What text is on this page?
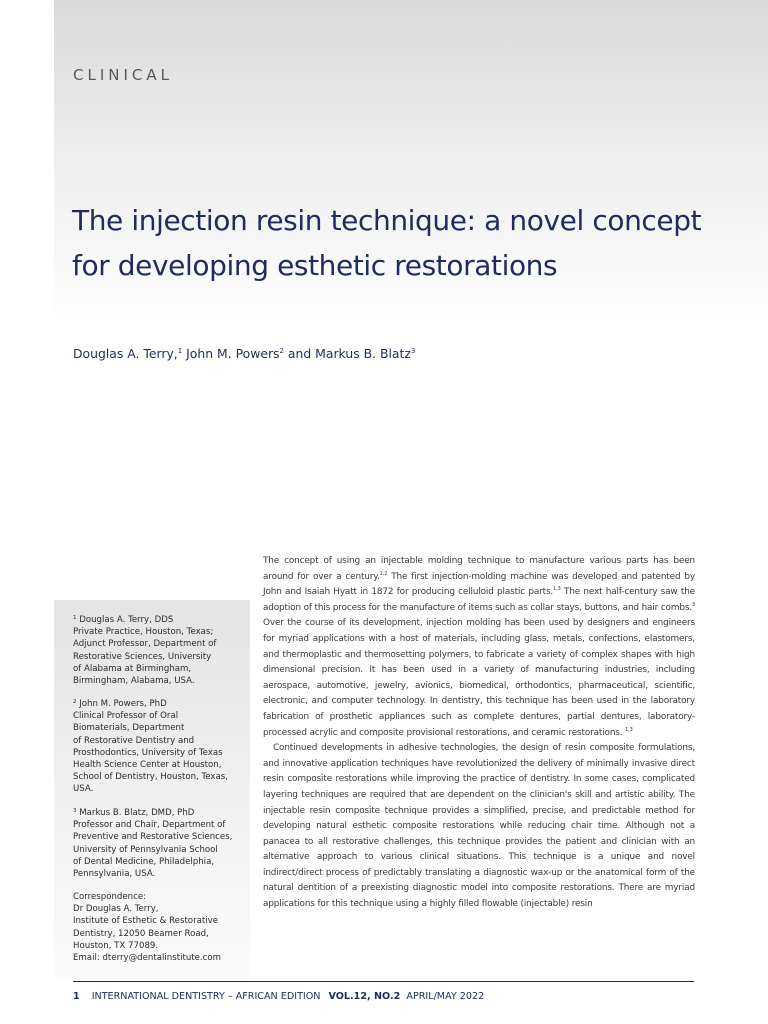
CLINICAL
The injection resin technique: a novel concept
for developing esthetic restorations
Douglas A. Terry,$^1$ John M. Powers$^2$ and Markus B. Blatz$^3$
$^1$ Douglas A. Terry, DDS
Private Practice, Houston, Texas;
Adjunct Professor, Department of
Restorative Sciences, University
of Alabama at Birmingham,
Birmingham, Alabama, USA.
$^2$ John M. Powers, PhD
Clinical Professor of Oral
Biomaterials, Department
of Restorative Dentistry and
Prosthodontics, University of Texas
Health Science Center at Houston,
School of Dentistry, Houston, Texas,
USA.
$^3$ Markus B. Blatz, DMD, PhD
Professor and Chair, Department of
Preventive and Restorative Sciences,
University of Pennsylvania School
of Dental Medicine, Philadelphia,
Pennsylvania, USA.
Correspondence:
Dr Douglas A. Terry,
Institute of Esthetic & Restorative
Dentistry, 12050 Beamer Road,
Houston, TX 77089.
Email: dterry@dentalinstitute.com

The concept of using an injectable molding technique to manufacture various parts has been around for over a century.$^{1,2}$ The first injection-molding machine was developed and patented by John and Isaiah Hyatt in 1872 for producing celluloid plastic parts.$^{1,3}$ The next half-century saw the adoption of this process for the manufacture of items such as collar stays, buttons, and hair combs.$^3$ Over the course of its development, injection molding has been used by designers and engineers for myriad applications with a host of materials, including glass, metals, confections, elastomers, and thermoplastic and thermosetting polymers, to fabricate a variety of complex shapes with high dimensional precision. It has been used in a variety of manufacturing industries, including aerospace, automotive, jewelry, avionics, biomedical, orthodontics, pharmaceutical, scientific, electronic, and computer technology. In dentistry, this technique has been used in the laboratory fabrication of prosthetic appliances such as complete dentures, partial dentures, laboratory-processed acrylic and composite provisional restorations, and ceramic restorations. $^{1,3}$

Continued developments in adhesive technologies, the design of resin composite formulations, and innovative application techniques have revolutionized the delivery of minimally invasive direct resin composite restorations while improving the practice of dentistry. In some cases, complicated layering techniques are required that are dependent on the clinician's skill and artistic ability. The injectable resin composite technique provides a simplified, precise, and predictable method for developing natural esthetic composite restorations while reducing chair time. Although not a panacea to all restorative challenges, this technique provides the patient and clinician with an alternative approach to various clinical situations. This technique is a unique and novel indirect/direct process of predictably translating a diagnostic wax-up or the anatomical form of the natural dentition of a preexisting diagnostic model into composite restorations. There are myriad applications for this technique using a highly filled flowable (injectable) resin

1 INTERNATIONAL DENTISTRY – AFRICAN EDITION VOL.12, NO.2 APRIL/MAY 2022
